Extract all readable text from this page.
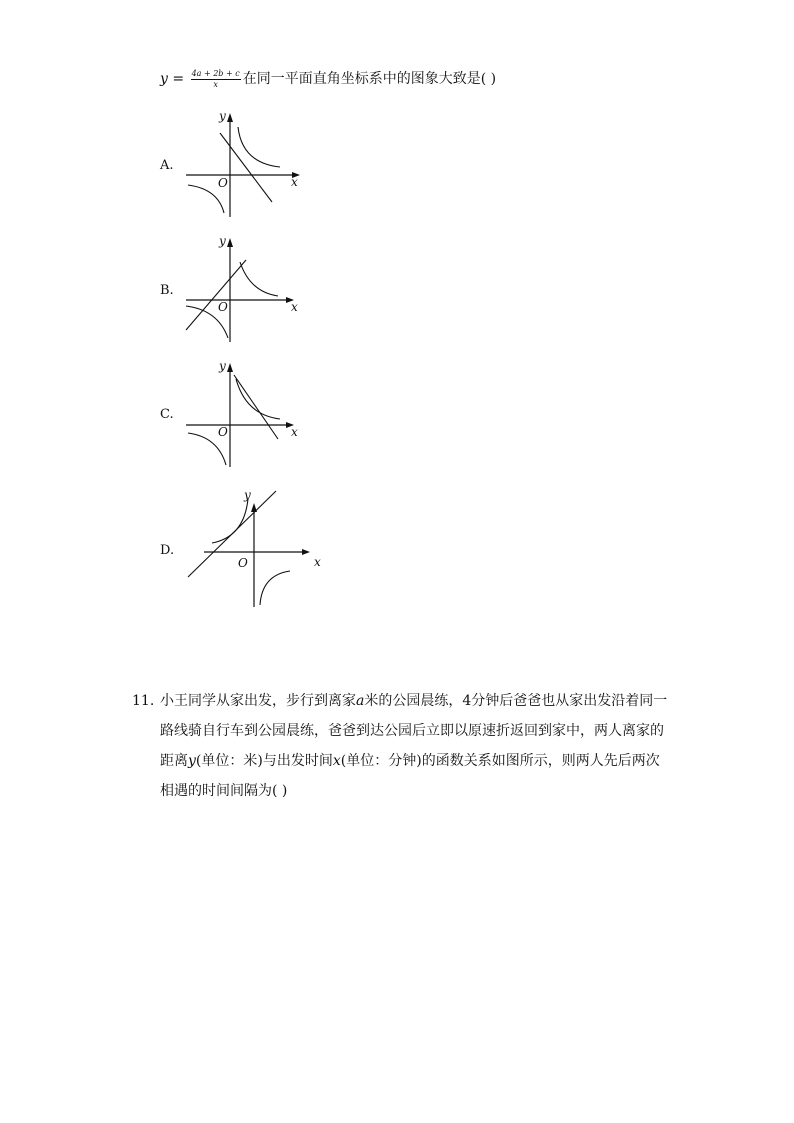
$y = \frac{4a + 2b + c}{x}$ 在同一平面直角坐标系中的图象大致是( )
A.
y
x
O
B.
y
x
O
C.
y
x
O
D.
y
x
O
11. 小王同学从家出发，步行到离家a米的公园晨练，4分钟后爸爸也从家出发沿着同一
路线骑自行车到公园晨练，爸爸到达公园后立即以原速折返回到家中，两人离家的
距离y(单位：米)与出发时间x(单位：分钟)的函数关系如图所示，则两人先后两次
相遇的时间间隔为( )
